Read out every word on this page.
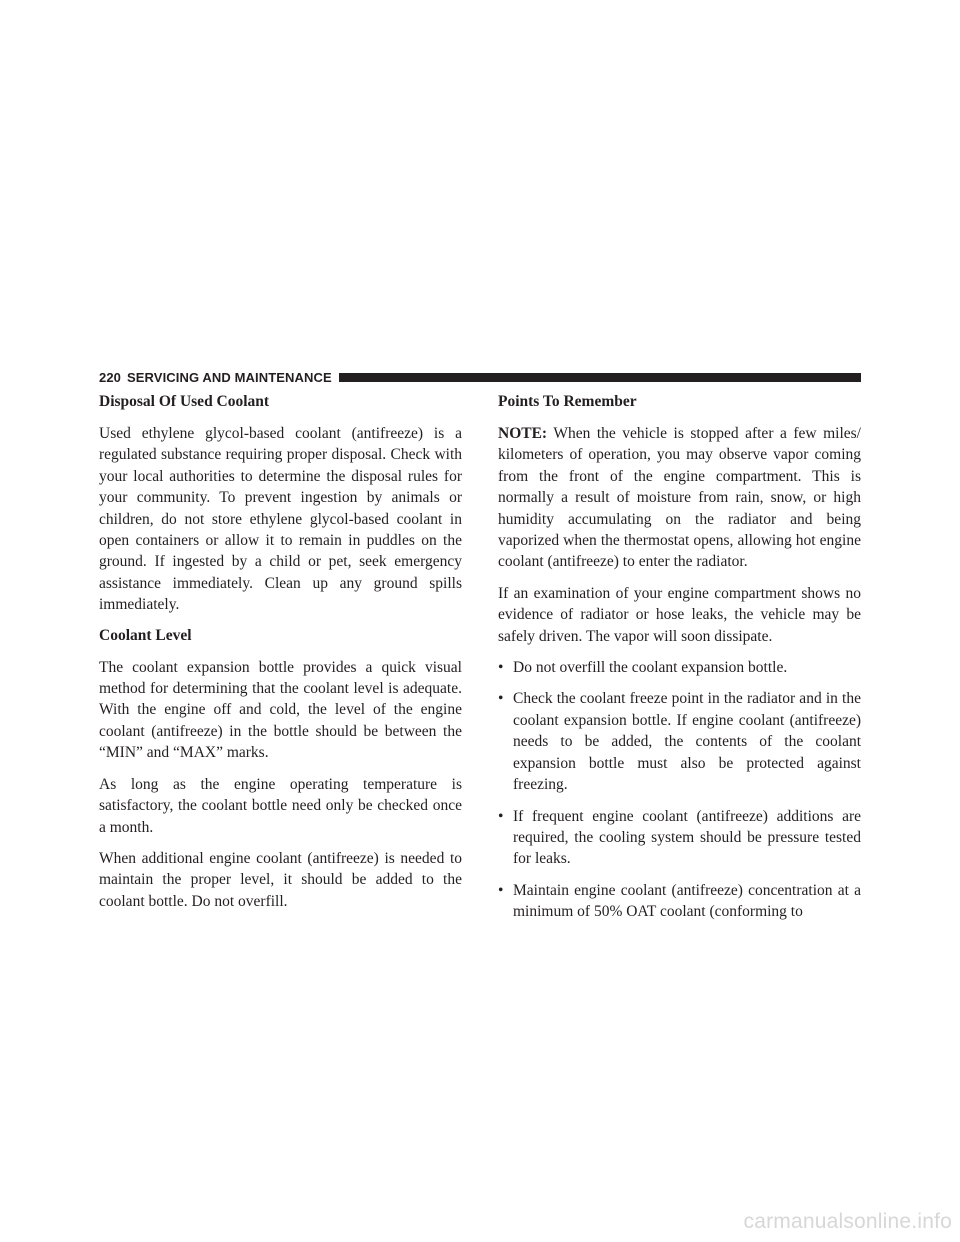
220 SERVICING AND MAINTENANCE
Disposal Of Used Coolant

Used ethylene glycol-based coolant (antifreeze) is a regulated substance requiring proper disposal. Check with your local authorities to determine the disposal rules for your community. To prevent ingestion by animals or children, do not store ethylene glycol-based coolant in open containers or allow it to remain in puddles on the ground. If ingested by a child or pet, seek emergency assistance immediately. Clean up any ground spills immediately.

Coolant Level

The coolant expansion bottle provides a quick visual method for determining that the coolant level is adequate. With the engine off and cold, the level of the engine coolant (antifreeze) in the bottle should be between the “MIN” and “MAX” marks.

As long as the engine operating temperature is satisfactory, the coolant bottle need only be checked once a month.

When additional engine coolant (antifreeze) is needed to maintain the proper level, it should be added to the coolant bottle. Do not overfill.

Points To Remember

NOTE: When the vehicle is stopped after a few miles/ kilometers of operation, you may observe vapor coming from the front of the engine compartment. This is normally a result of moisture from rain, snow, or high humidity accumulating on the radiator and being vaporized when the thermostat opens, allowing hot engine coolant (antifreeze) to enter the radiator.

If an examination of your engine compartment shows no evidence of radiator or hose leaks, the vehicle may be safely driven. The vapor will soon dissipate.

• Do not overfill the coolant expansion bottle.
• Check the coolant freeze point in the radiator and in the coolant expansion bottle. If engine coolant (antifreeze) needs to be added, the contents of the coolant expansion bottle must also be protected against freezing.
• If frequent engine coolant (antifreeze) additions are required, the cooling system should be pressure tested for leaks.
• Maintain engine coolant (antifreeze) concentration at a minimum of 50% OAT coolant (conforming to
carmanualsonline.info
